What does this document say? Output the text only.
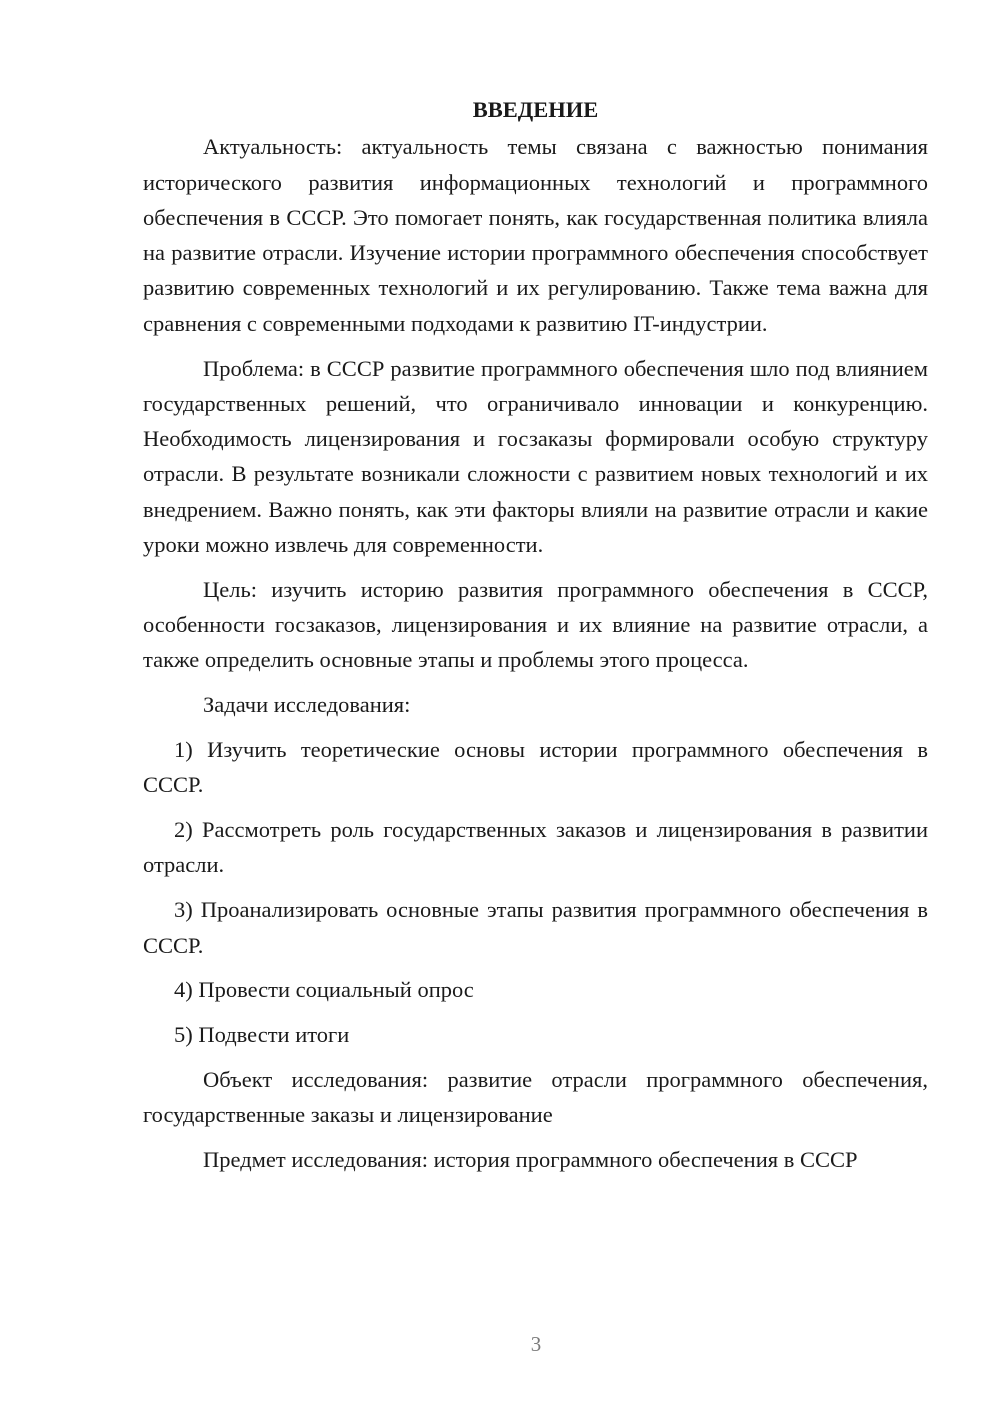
ВВЕДЕНИЕ

Актуальность: актуальность темы связана с важностью понимания исторического развития информационных технологий и программного обеспечения в СССР. Это помогает понять, как государственная политика влияла на развитие отрасли. Изучение истории программного обеспечения способствует развитию современных технологий и их регулированию. Также тема важна для сравнения с современными подходами к развитию IT-индустрии.

Проблема: в СССР развитие программного обеспечения шло под влиянием государственных решений, что ограничивало инновации и конкуренцию. Необходимость лицензирования и госзаказы формировали особую структуру отрасли. В результате возникали сложности с развитием новых технологий и их внедрением. Важно понять, как эти факторы влияли на развитие отрасли и какие уроки можно извлечь для современности.

Цель: изучить историю развития программного обеспечения в СССР, особенности госзаказов, лицензирования и их влияние на развитие отрасли, а также определить основные этапы и проблемы этого процесса.

Задачи исследования:

1) Изучить теоретические основы истории программного обеспечения в СССР.

2) Рассмотреть роль государственных заказов и лицензирования в развитии отрасли.

3) Проанализировать основные этапы развития программного обеспечения в СССР.

4) Провести социальный опрос

5) Подвести итоги

Объект исследования: развитие отрасли программного обеспечения, государственные заказы и лицензирование

Предмет исследования: история программного обеспечения в СССР

3
